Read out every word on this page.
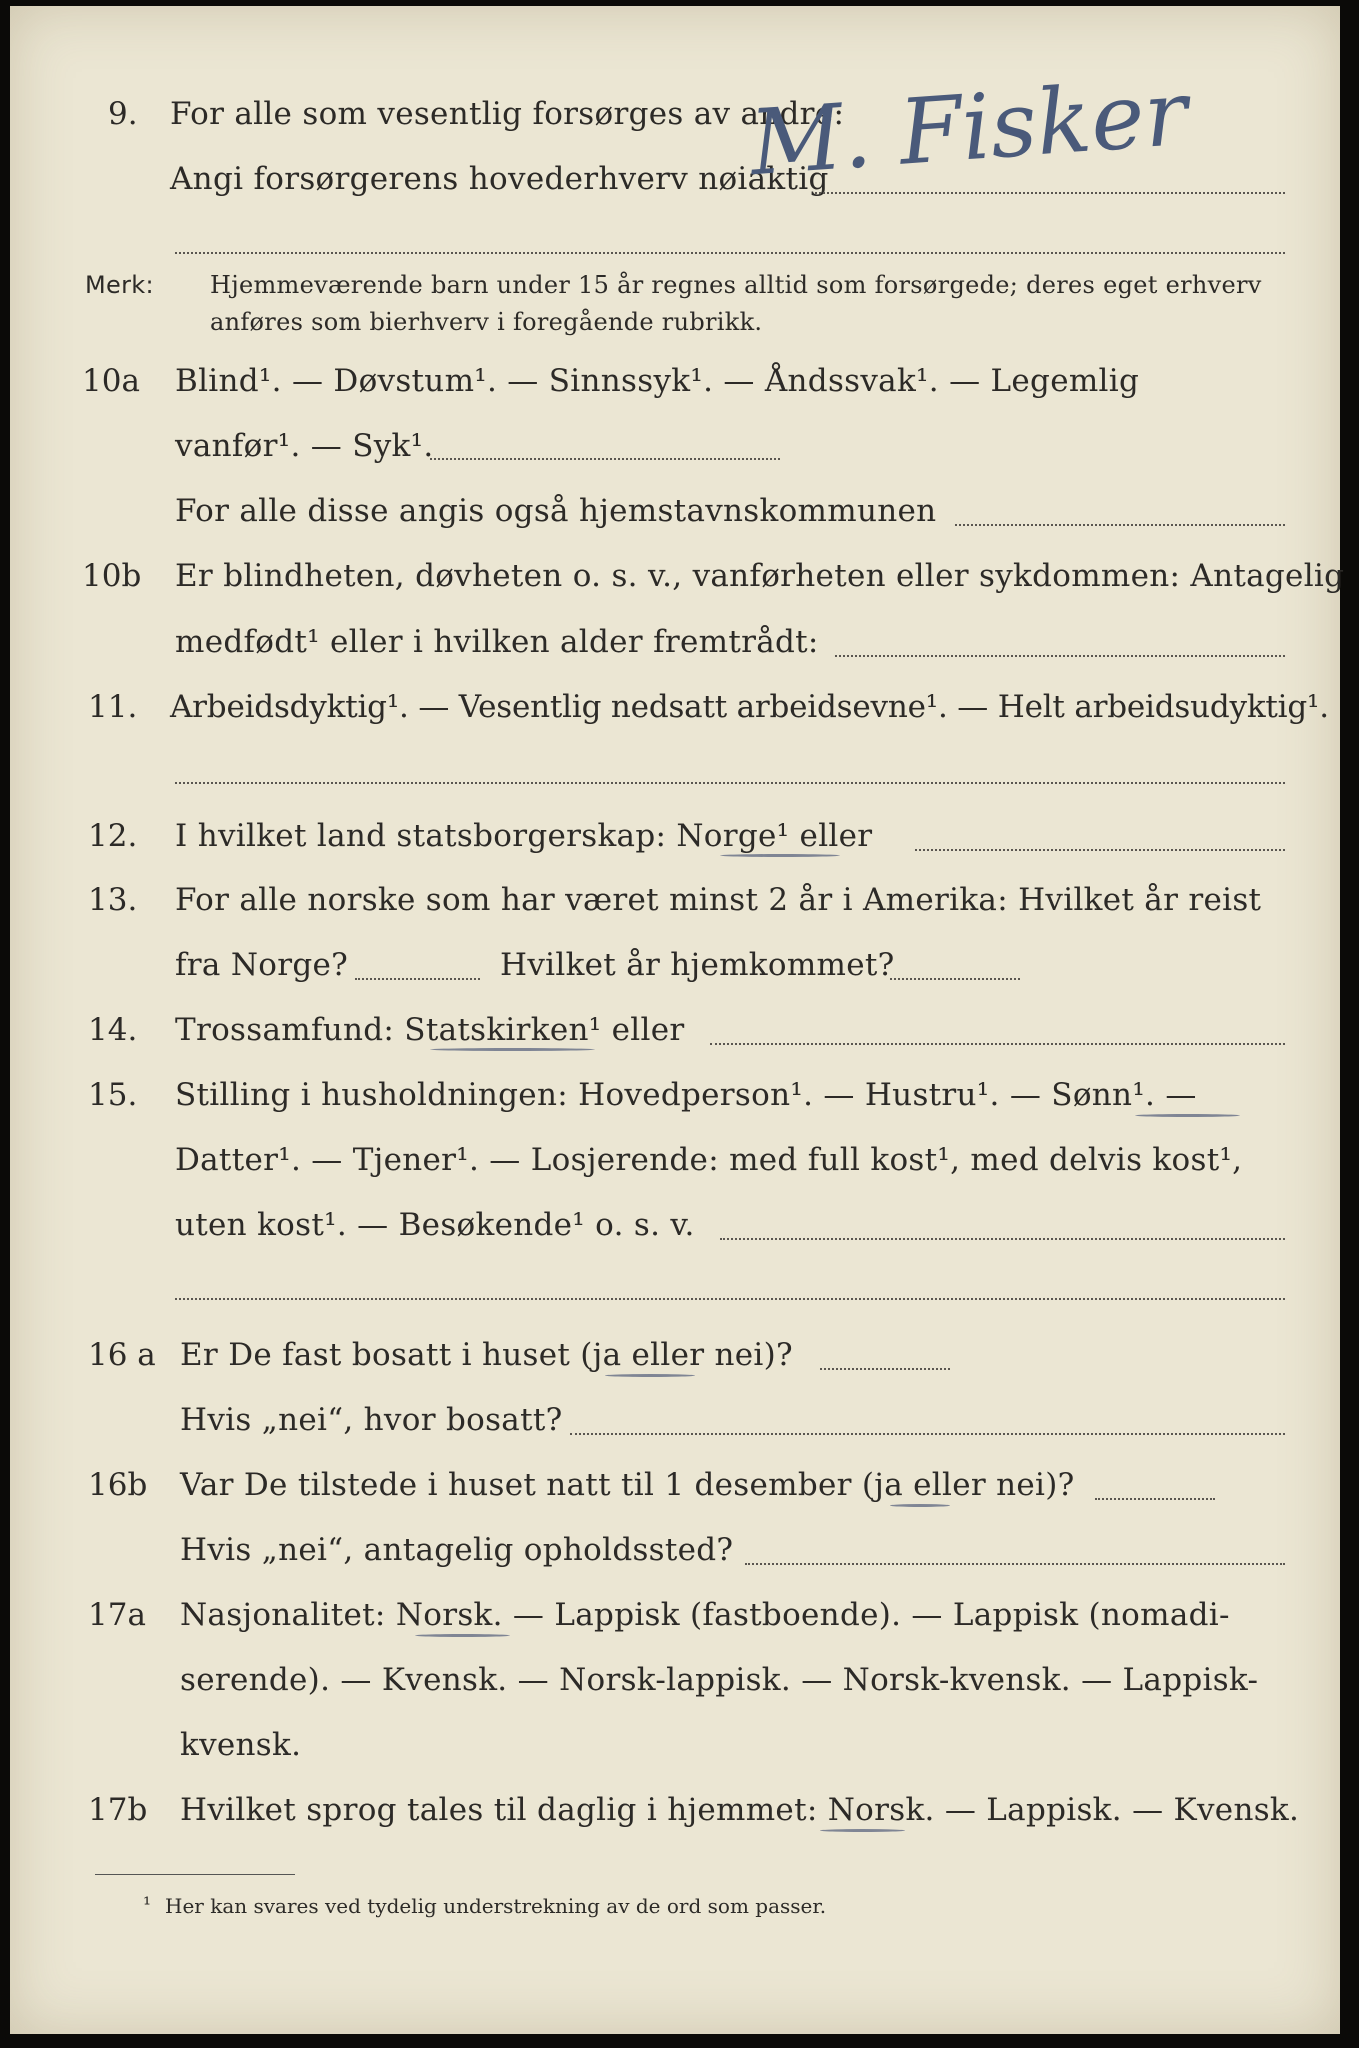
9. For alle som vesentlig forsørges av andre:
Angi forsørgerens hovederhverv nøiaktig
M. Fisker
Merk: Hjemmeværende barn under 15 år regnes alltid som forsørgede; deres eget erhverv
anføres som bierhverv i foregående rubrikk.
10a Blind¹. — Døvstum¹. — Sinnssyk¹. — Åndssvak¹. — Legemlig
vanfør¹. — Syk¹.
For alle disse angis også hjemstavnskommunen
10b Er blindheten, døvheten o. s. v., vanførheten eller sykdommen: Antagelig
medfødt¹ eller i hvilken alder fremtrådt:
11. Arbeidsdyktig¹. — Vesentlig nedsatt arbeidsevne¹. — Helt arbeidsudyktig¹.
12. I hvilket land statsborgerskap: Norge¹ eller
13. For alle norske som har været minst 2 år i Amerika: Hvilket år reist
fra Norge?	Hvilket år hjemkommet?
14. Trossamfund: Statskirken¹ eller
15. Stilling i husholdningen: Hovedperson¹. — Hustru¹. — Sønn¹. —
Datter¹. — Tjener¹. — Losjerende: med full kost¹, med delvis kost¹,
uten kost¹. — Besøkende¹ o. s. v.
16 a Er De fast bosatt i huset (ja eller nei)?
Hvis „nei“, hvor bosatt?
16b Var De tilstede i huset natt til 1 desember (ja eller nei)?
Hvis „nei“, antagelig opholdssted?
17a Nasjonalitet: Norsk. — Lappisk (fastboende). — Lappisk (nomadi-
serende). — Kvensk. — Norsk-lappisk. — Norsk-kvensk. — Lappisk-
kvensk.
17b Hvilket sprog tales til daglig i hjemmet: Norsk. — Lappisk. — Kvensk.
¹ Her kan svares ved tydelig understrekning av de ord som passer.
